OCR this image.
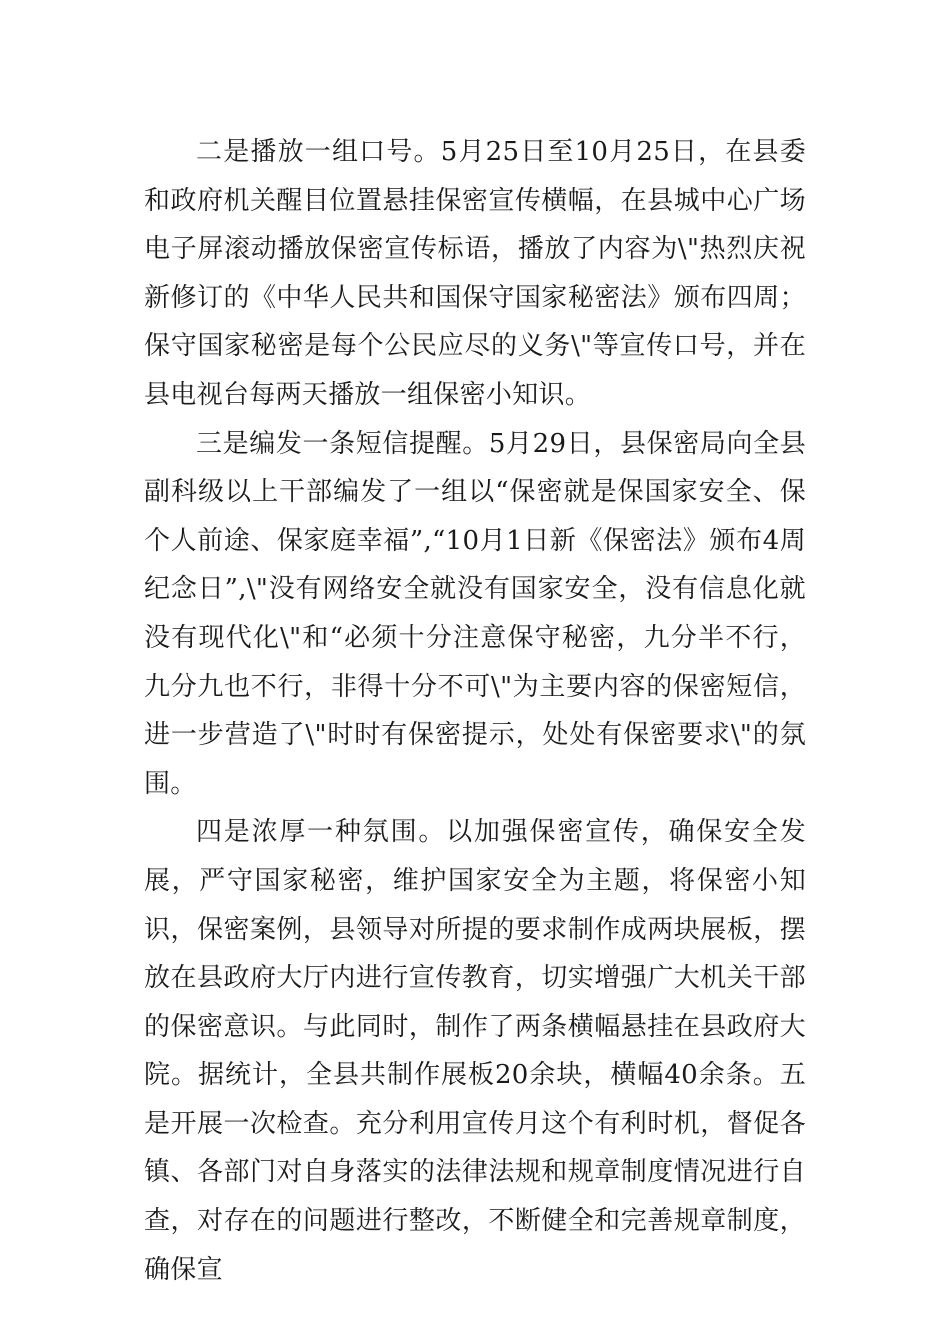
二是播放一组口号。5月25日至10月25日，在县委和政府机关醒目位置悬挂保密宣传横幅，在县城中心广场电子屏滚动播放保密宣传标语，播放了内容为\"热烈庆祝新修订的《中华人民共和国保守国家秘密法》颁布四周；保守国家秘密是每个公民应尽的义务\"等宣传口号，并在县电视台每两天播放一组保密小知识。

三是编发一条短信提醒。5月29日，县保密局向全县副科级以上干部编发了一组以“保密就是保国家安全、保个人前途、保家庭幸福”,“10月1日新《保密法》颁布4周纪念日”,\"没有网络安全就没有国家安全，没有信息化就没有现代化\"和“必须十分注意保守秘密，九分半不行，九分九也不行，非得十分不可\"为主要内容的保密短信，进一步营造了\"时时有保密提示，处处有保密要求\"的氛围。

四是浓厚一种氛围。以加强保密宣传，确保安全发展，严守国家秘密，维护国家安全为主题，将保密小知识，保密案例，县领导对所提的要求制作成两块展板，摆放在县政府大厅内进行宣传教育，切实增强广大机关干部的保密意识。与此同时，制作了两条横幅悬挂在县政府大院。据统计，全县共制作展板20余块，横幅40余条。五是开展一次检查。充分利用宣传月这个有利时机，督促各镇、各部门对自身落实的法律法规和规章制度情况进行自查，对存在的问题进行整改，不断健全和完善规章制度，确保宣
